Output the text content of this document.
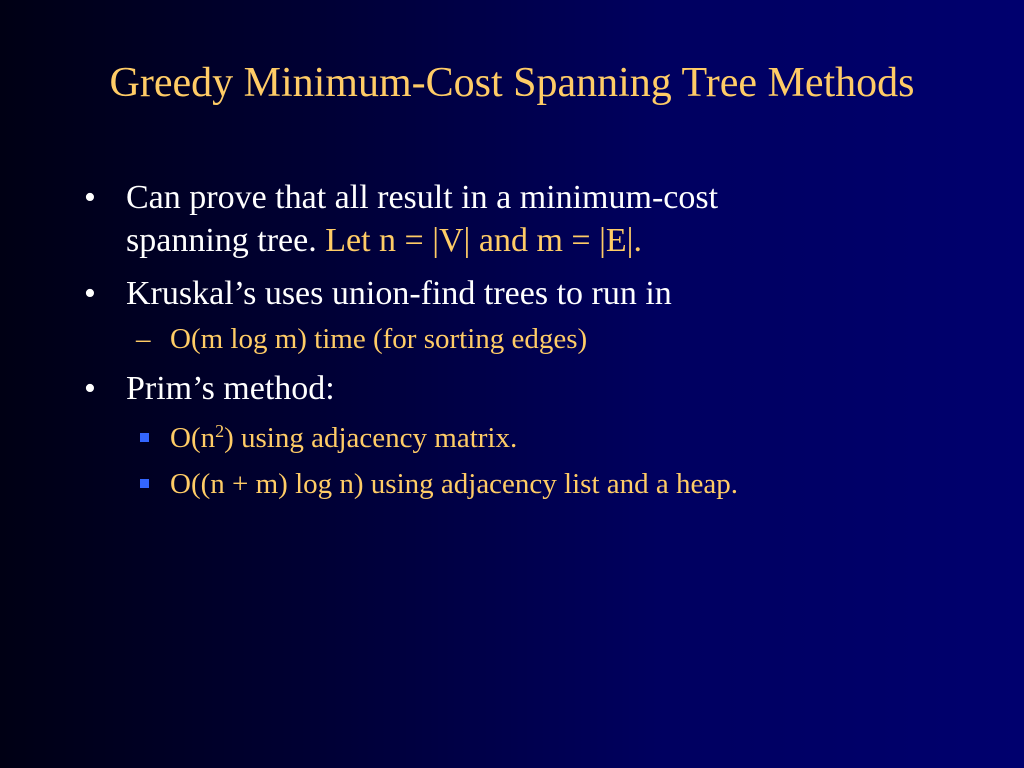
Greedy Minimum-Cost Spanning Tree Methods
• Can prove that all result in a minimum-cost
spanning tree. Let n = |V| and m = |E|.
• Kruskal’s uses union-find trees to run in
– O(m log m) time (for sorting edges)
• Prim’s method:
$O(n^2)$ using adjacency matrix.
O((n + m) log n) using adjacency list and a heap.
